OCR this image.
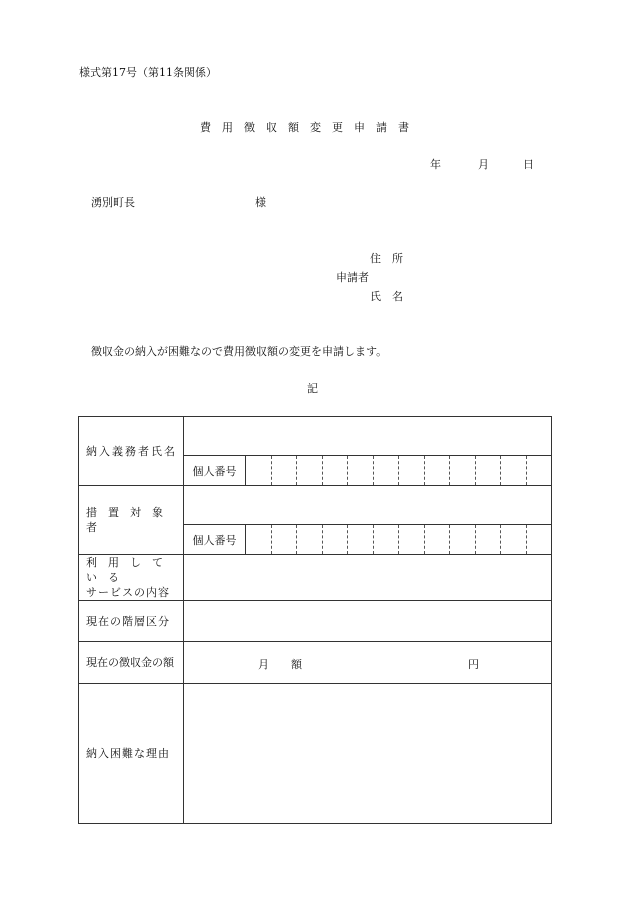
様式第17号（第11条関係）
費用徴収額変更申請書
年	月	日
湧別町長	様
住　所
申請者
氏　名
徴収金の納入が困難なので費用徴収額の変更を申請します。
記
納入義務者氏名		
	個人番号	

措　置　対　象　者		
	個人番号	

利　用　し　て　い　る
サービスの内容		

現在の階層区分		
現在の徴収金の額	月　　額 円	

納入困難な理由		
